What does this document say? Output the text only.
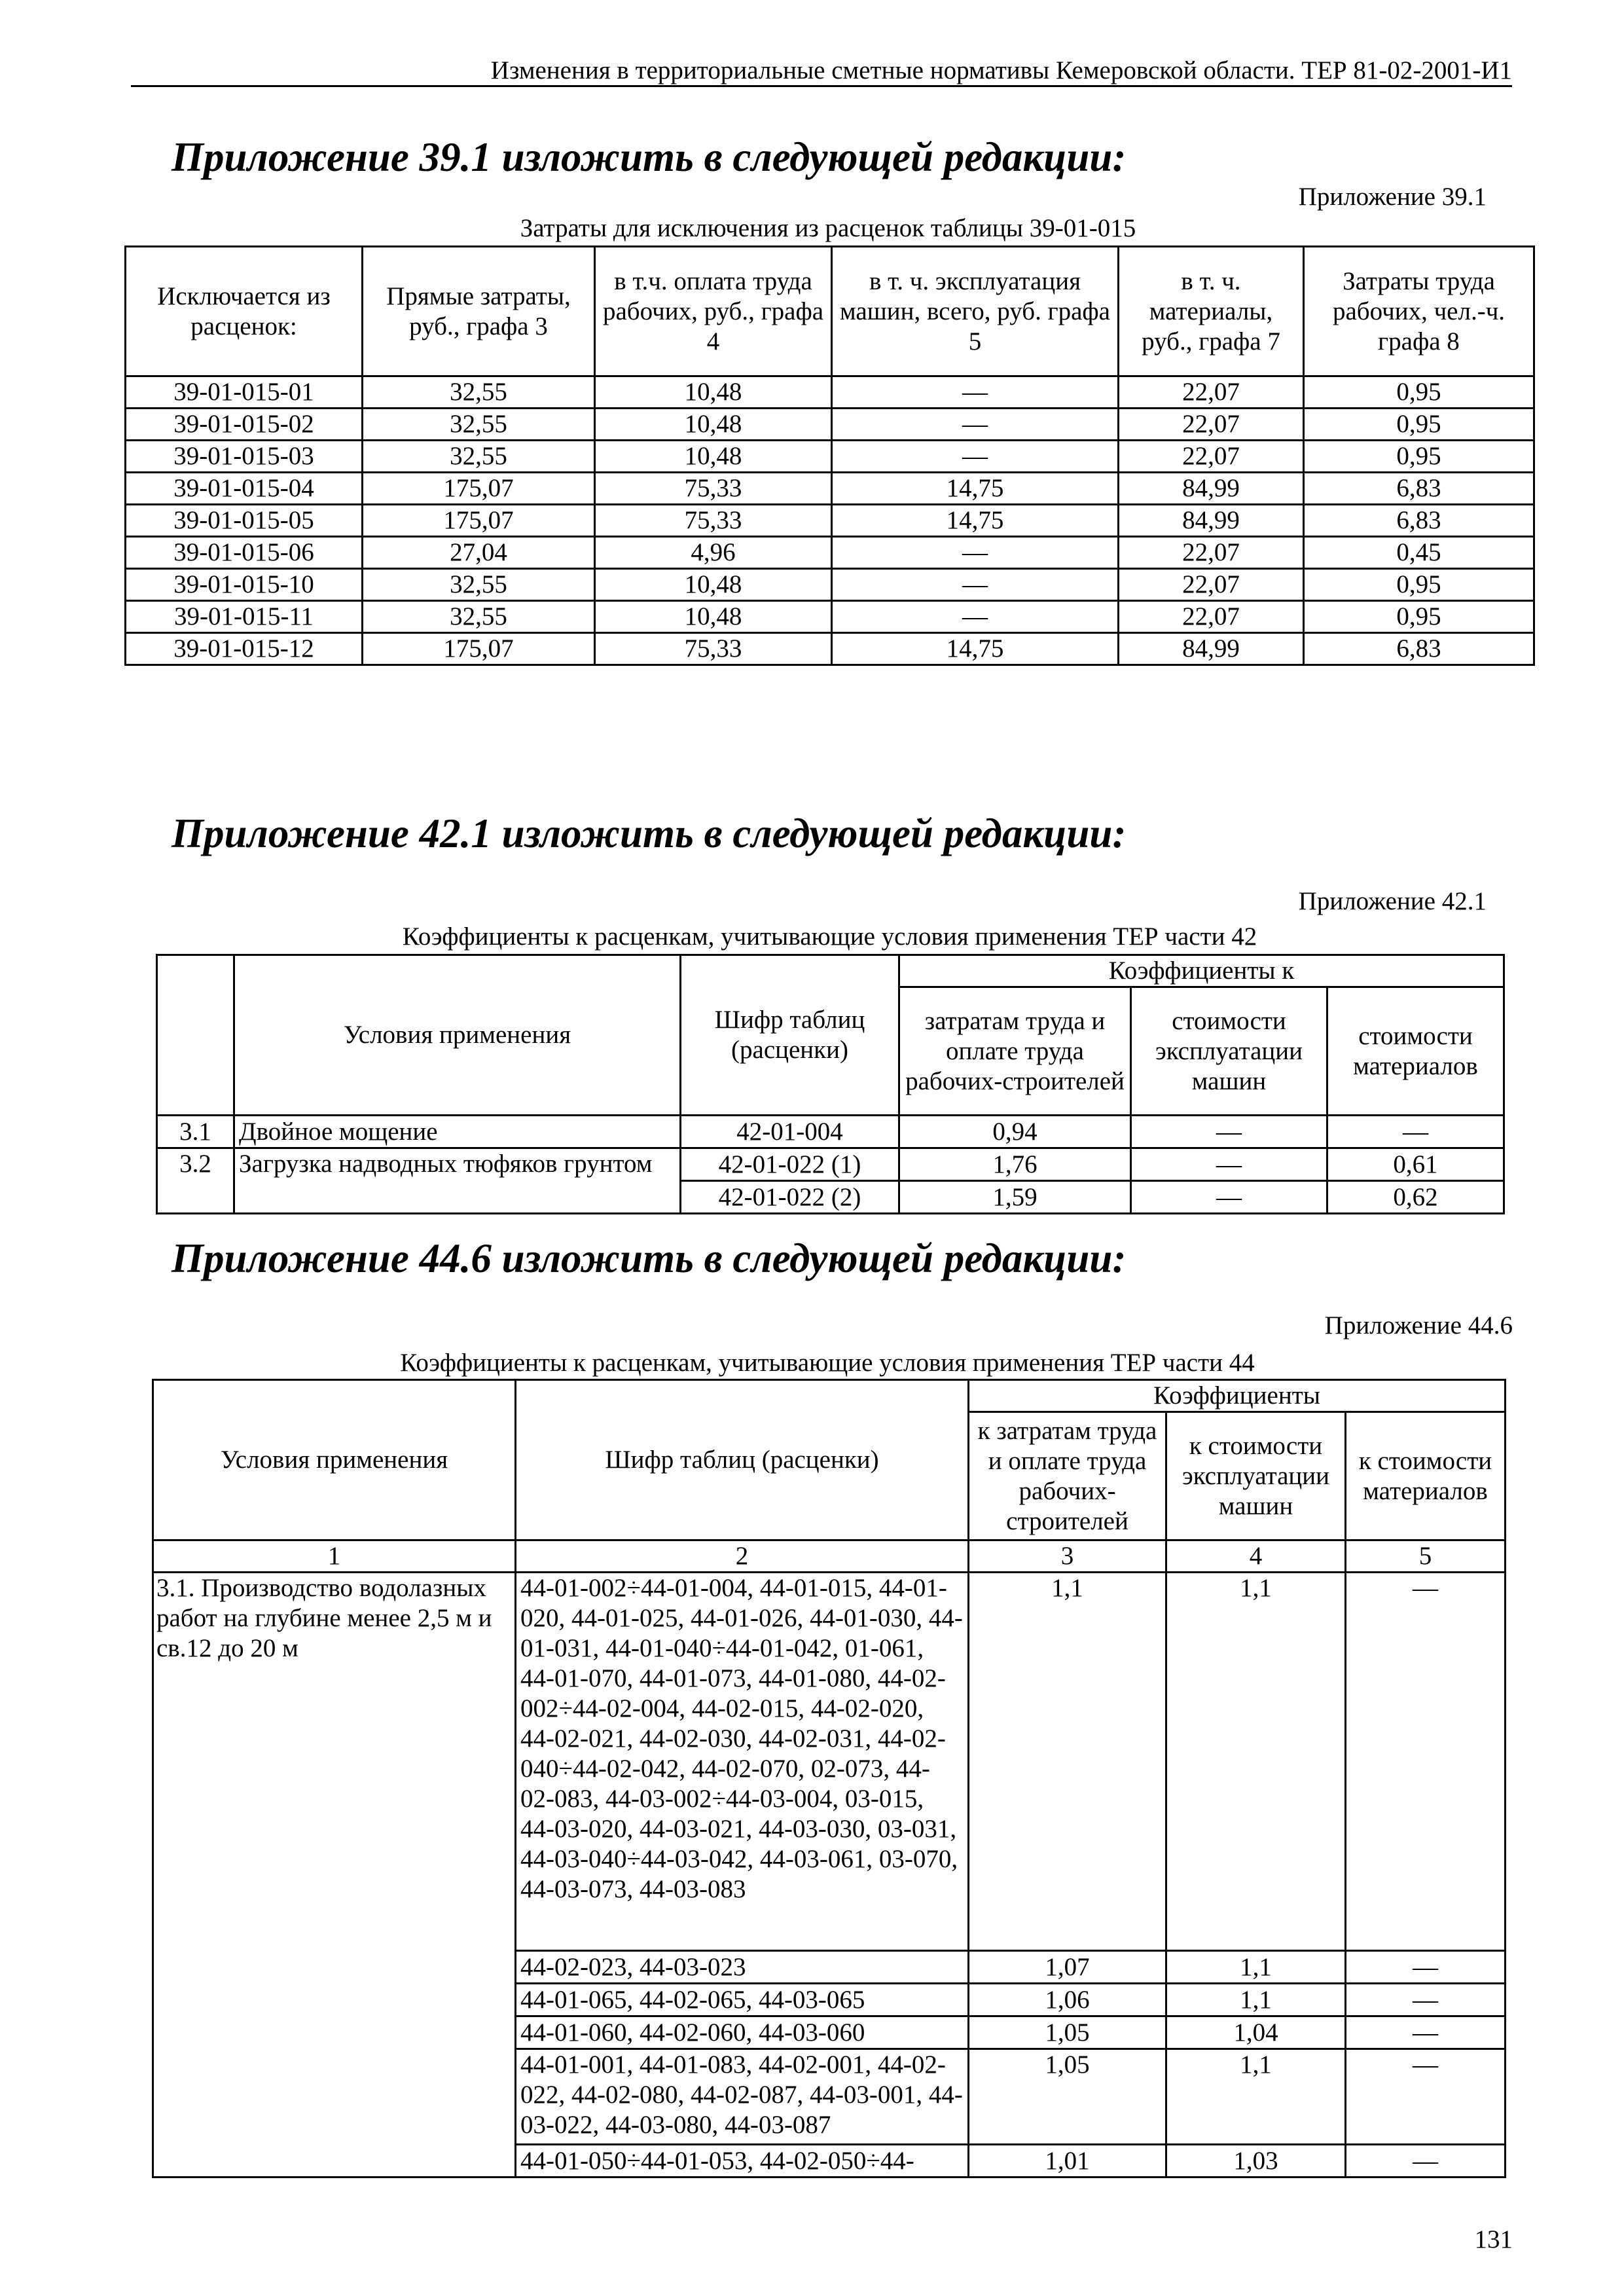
Изменения в территориальные сметные нормативы Кемеровской области. ТЕР 81-02-2001-И1
Приложение 39.1 изложить в следующей редакции:
Приложение 39.1
Затраты для исключения из расценок таблицы 39-01-015
Исключается из расценок:	Прямые затраты, руб., графа 3	в т.ч. оплата труда рабочих, руб., графа 4	в т. ч. эксплуатация машин, всего, руб. графа 5	в т. ч. материалы, руб., графа 7	Затраты труда рабочих, чел.-ч. графа 8
39-01-015-01	32,55	10,48	—	22,07	0,95
39-01-015-02	32,55	10,48	—	22,07	0,95
39-01-015-03	32,55	10,48	—	22,07	0,95
39-01-015-04	175,07	75,33	14,75	84,99	6,83
39-01-015-05	175,07	75,33	14,75	84,99	6,83
39-01-015-06	27,04	4,96	—	22,07	0,45
39-01-015-10	32,55	10,48	—	22,07	0,95
39-01-015-11	32,55	10,48	—	22,07	0,95
39-01-015-12	175,07	75,33	14,75	84,99	6,83
Приложение 42.1 изложить в следующей редакции:
Приложение 42.1
Коэффициенты к расценкам, учитывающие условия применения ТЕР части 42
	Условия применения	Шифр таблиц (расценки)	Коэффициенты к		
			затратам труда и оплате труда рабочих-строителей	стоимости эксплуатации машин	стоимости материалов
3.1	Двойное мощение	42-01-004	0,94	—	—
3.2	Загрузка надводных тюфяков грунтом	42-01-022 (1)	1,76	—	0,61
		42-01-022 (2)	1,59	—	0,62
Приложение 44.6 изложить в следующей редакции:
Приложение 44.6
Коэффициенты к расценкам, учитывающие условия применения ТЕР части 44
Условия применения	Шифр таблиц (расценки)	Коэффициенты		
		к затратам труда и оплате труда рабочих-строителей	к стоимости эксплуатации машин	к стоимости материалов
1	2	3	4	5
3.1. Производство водолазных работ на глубине менее 2,5 м и св.12 до 20 м	44-01-002÷44-01-004, 44-01-015, 44-01-020, 44-01-025, 44-01-026, 44-01-030, 44-01-031, 44-01-040÷44-01-042, 01-061, 44-01-070, 44-01-073, 44-01-080, 44-02-002÷44-02-004, 44-02-015, 44-02-020, 44-02-021, 44-02-030, 44-02-031, 44-02-040÷44-02-042, 44-02-070, 02-073, 44-02-083, 44-03-002÷44-03-004, 03-015, 44-03-020, 44-03-021, 44-03-030, 03-031, 44-03-040÷44-03-042, 44-03-061, 03-070, 44-03-073, 44-03-083	1,1	1,1	—
	44-02-023, 44-03-023	1,07	1,1	—
	44-01-065, 44-02-065, 44-03-065	1,06	1,1	—
	44-01-060, 44-02-060, 44-03-060	1,05	1,04	—
	44-01-001, 44-01-083, 44-02-001, 44-02-022, 44-02-080, 44-02-087, 44-03-001, 44-03-022, 44-03-080, 44-03-087	1,05	1,1	—
	44-01-050÷44-01-053, 44-02-050÷44-	1,01	1,03	—
131
